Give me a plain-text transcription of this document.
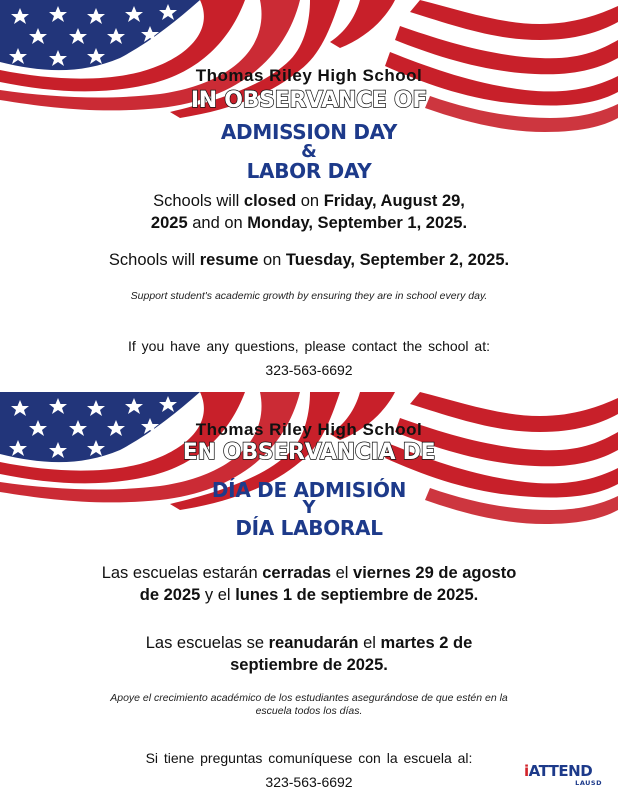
Thomas Riley High School

IN OBSERVANCE OF

ADMISSION DAY

&

LABOR DAY

Schools will closed on Friday, August 29,
2025 and on Monday, September 1, 2025.

Schools will resume on Tuesday, September 2, 2025.

Support student's academic growth by ensuring they are in school every day.

If you have any questions, please contact the school at:

323-563-6692

Thomas Riley High School

EN OBSERVANCIA DE

DÍA DE ADMISIÓN

Y

DÍA LABORAL

Las escuelas estarán cerradas el viernes 29 de agosto
de 2025 y el lunes 1 de septiembre de 2025.

Las escuelas se reanudarán el martes 2 de
septiembre de 2025.

Apoye el crecimiento académico de los estudiantes asegurándose de que estén en la
escuela todos los días.

Si tiene preguntas comuníquese con la escuela al:

323-563-6692

iATTEND
LAUSD
